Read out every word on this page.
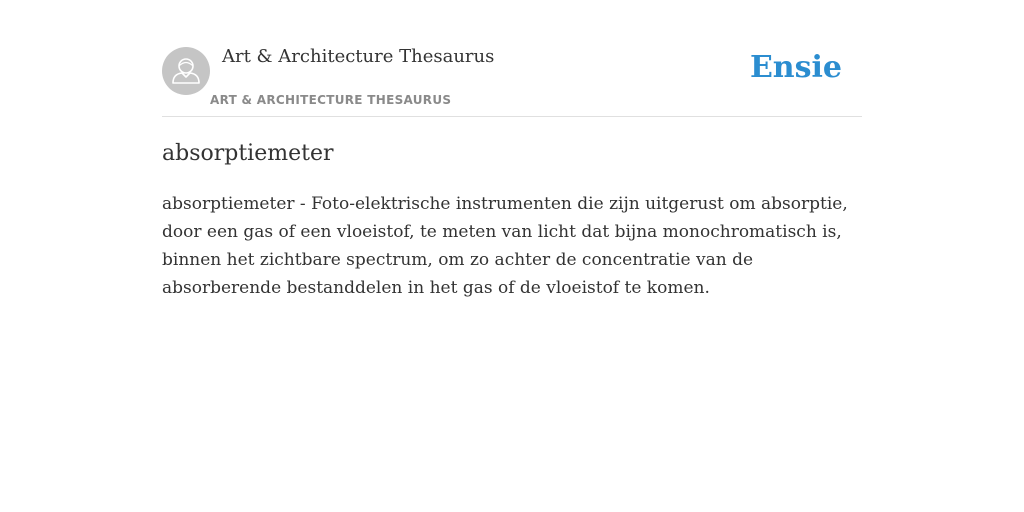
Art & Architecture Thesaurus
ART & ARCHITECTURE THESAURUS
Ensie
absorptiemeter

absorptiemeter - Foto-elektrische instrumenten die zijn uitgerust om absorptie, door een gas of een vloeistof, te meten van licht dat bijna monochromatisch is, binnen het zichtbare spectrum, om zo achter de concentratie van de absorberende bestanddelen in het gas of de vloeistof te komen.
